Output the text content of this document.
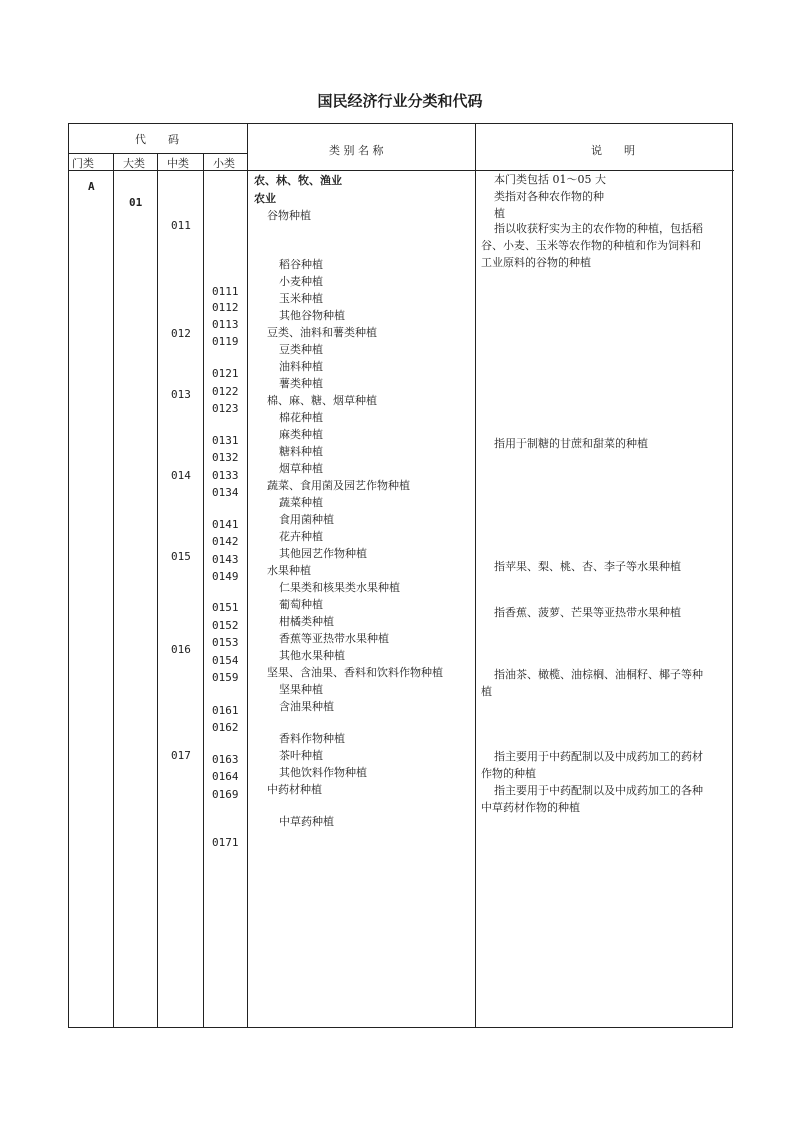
国民经济行业分类和代码
代　　码
门类	大类 中类 小类
类 别 名 称	说　　明
A
01
011
012
013
014
015
016
017
0111
0112
0113
0119
0121
0122
0123
0131
0132
0133
0134
0141
0142
0143
0149
0151
0152
0153
0154
0159
0161
0162
0163
0164
0169
0171
农、林、牧、渔业
农业
谷物种植
稻谷种植
小麦种植
玉米种植
其他谷物种植
豆类、油料和薯类种植
豆类种植
油料种植
薯类种植
棉、麻、糖、烟草种植
棉花种植
麻类种植
糖料种植
烟草种植
蔬菜、食用菌及园艺作物种植
蔬菜种植
食用菌种植
花卉种植
其他园艺作物种植
水果种植
仁果类和核果类水果种植
葡萄种植
柑橘类种植
香蕉等亚热带水果种植
其他水果种植
坚果、含油果、香料和饮料作物种植
坚果种植
含油果种植
香料作物种植
茶叶种植
其他饮料作物种植
中药材种植
中草药种植
本门类包括 01～05 大
类指对各种农作物的种
植
指以收获籽实为主的农作物的种植，包括稻
谷、小麦、玉米等农作物的种植和作为饲料和
工业原料的谷物的种植
指用于制糖的甘蔗和甜菜的种植
指苹果、梨、桃、杏、李子等水果种植
指香蕉、菠萝、芒果等亚热带水果种植
指油茶、橄榄、油棕榈、油桐籽、椰子等种
植
指主要用于中药配制以及中成药加工的药材
作物的种植
指主要用于中药配制以及中成药加工的各种
中草药材作物的种植
